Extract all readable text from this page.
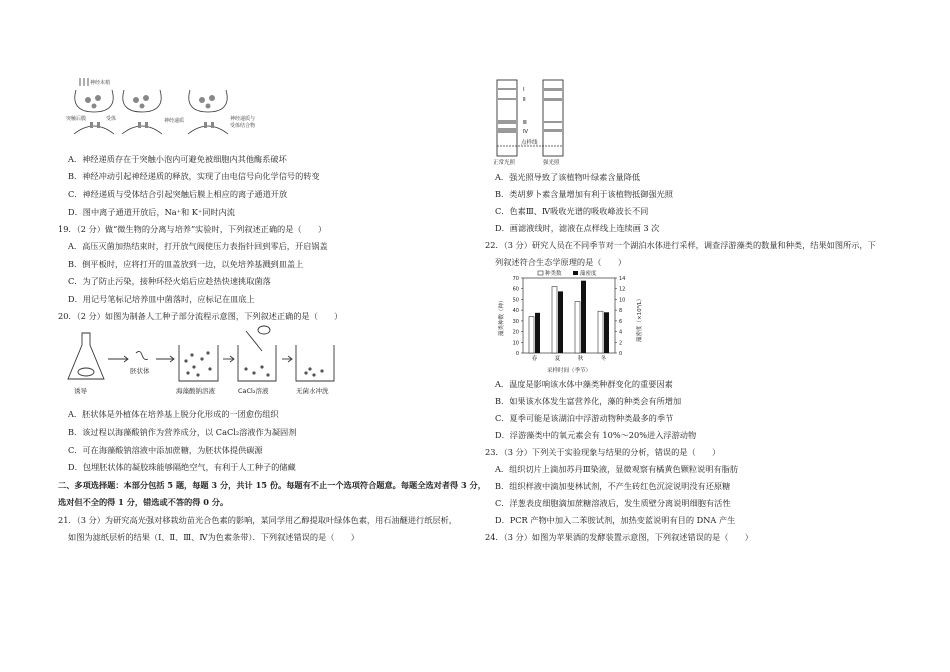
神经末梢
突触后膜	受体	神经递质	神经递质与
受体结合物
A．神经递质存在于突触小泡内可避免被细胞内其他酶系破坏
B．神经冲动引起神经递质的释放，实现了由电信号向化学信号的转变
C．神经递质与受体结合引起突触后膜上相应的离子通道开放
D．图中离子通道开放后，Na⁺和 K⁺同时内流
19．（2 分）做“微生物的分离与培养”实验时，下列叙述正确的是（　　）
A．高压灭菌加热结束时，打开放气阀使压力表指针回到零后，开启锅盖
B．倒平板时，应将打开的皿盖放到一边，以免培养基溅到皿盖上
C．为了防止污染，接种环经火焰后应趁热快速挑取菌落
D．用记号笔标记培养皿中菌落时，应标记在皿底上
20．（2 分）如图为制备人工种子部分流程示意图，下列叙述正确的是（　　）
诱导
胚状体
海藻酸钠溶液	CaCl₂溶液	无菌水冲洗
A．胚状体是外植体在培养基上脱分化形成的一团愈伤组织
B．该过程以海藻酸钠作为营养成分，以 CaCl₂溶液作为凝固剂
C．可在海藻酸钠溶液中添加蔗糖，为胚状体提供碳源
D．包埋胚状体的凝胶珠能够隔绝空气，有利于人工种子的储藏
二、多项选择题：本部分包括 5 题，每题 3 分，共计 15 份。每题有不止一个选项符合题意。每题全选对者得 3 分，
选对但不全的得 1 分，错选或不答的得 0 分。
21．（3 分）为研究高光强对移栽幼苗光合色素的影响，某同学用乙醇提取叶绿体色素，用石油醚进行纸层析，
如图为滤纸层析的结果（Ⅰ、Ⅱ、Ⅲ、Ⅳ为色素条带）．下列叙述错误的是（　　）
Ⅰ
Ⅱ
Ⅲ
Ⅳ
点样线
正常光照	强光照
A．强光照导致了该植物叶绿素含量降低
B．类胡萝卜素含量增加有利于该植物抵御强光照
C．色素Ⅲ、Ⅳ吸收光谱的吸收峰波长不同
D．画滤液线时，滤液在点样线上连续画 3 次
22．（3 分）研究人员在不同季节对一个湖泊水体进行采样，调查浮游藻类的数量和种类，结果如图所示，下
列叙述符合生态学原理的是（　　）
种类数	藻密度
0
10
20
30
40
50
60
70
0
2
4
6
8
10
12
14
春	夏	秋	冬
采样时间（季节）
藻类种数（种）	藻密度（×10⁸/L）
A．温度是影响该水体中藻类种群变化的重要因素
B．如果该水体发生富营养化，藻的种类会有所增加
C．夏季可能是该湖泊中浮游动物种类最多的季节
D．浮游藻类中的氧元素会有 10%～20%进入浮游动物
23．（3 分）下列关于实验现象与结果的分析，错误的是（　　）
A．组织切片上滴加苏丹Ⅲ染液，显微观察有橘黄色颗粒说明有脂肪
B．组织样液中滴加斐林试剂，不产生砖红色沉淀说明没有还原糖
C．洋葱表皮细胞滴加蔗糖溶液后，发生质壁分离说明细胞有活性
D．PCR 产物中加入二苯胺试剂，加热变蓝说明有目的 DNA 产生
24．（3 分）如图为苹果酒的发酵装置示意图，下列叙述错误的是（　　）
